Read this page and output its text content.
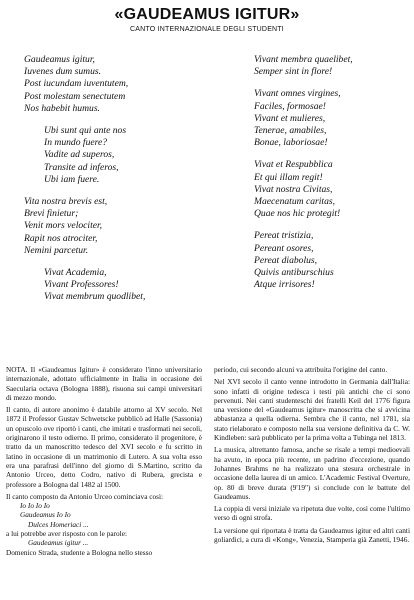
«GAUDEAMUS IGITUR»
CANTO INTERNAZIONALE DEGLI STUDENTI
Gaudeamus igitur,
Iuvenes dum sumus.
Post iucundam iuventutem,
Post molestam senectutem
Nos habebit humus.
Ubi sunt qui ante nos
In mundo fuere?
Vadite ad superos,
Transite ad inferos,
Ubi iam fuere.
Vita nostra brevis est,
Brevi finietur;
Venit mors velociter,
Rapit nos atrociter,
Nemini parcetur.
Vivat Academia,
Vivant Professores!
Vivat membrum quodlibet,
Vivant membra quaelibet,
Semper sint in flore!
Vivant omnes virgines,
Faciles, formosae!
Vivant et mulieres,
Tenerae, amabiles,
Bonae, laboriosae!
Vivat et Respubblica
Et qui illam regit!
Vivat nostra Civitas,
Maecenatum caritas,
Quae nos hic protegit!
Pereat tristizia,
Pereant osores,
Pereat diabolus,
Quivis antiburschius
Atque irrisores!

NOTA. Il «Gaudeamus Igitur» è considerato l'inno universitario internazionale, adottato ufficialmente in Italia in occasione dei Saecularia octava (Bologna 1888), risuona sui campi universitari di mezzo mondo.

Il canto, di autore anonimo è databile attorno al XV secolo. Nel 1872 il Professor Gustav Schwetscke pubblicò ad Halle (Sassonia) un opuscolo ove riportò i canti, che imitati e trasformati nei secoli, originarono il testo odierno. Il primo, considerato il progenitore, è tratto da un manoscritto tedesco del XVI secolo e fu scritto in latino in occasione di un matrimonio di Lutero. A sua volta esso era una parafrasi dell'inno del giorno di S.Martino, scritto da Antonio Urceo, detto Codro, nativo di Rubera, grecista e professore a Bologna dal 1482 al 1500.

Il canto composto da Antonio Urceo cominciava così:

Io Io Io Io
Gaudeamus Io Io
Dulces Homeriaci ...

a lui potrebbe aver risposto con le parole:

Gaudeamus igitur ...

Domenico Strada, studente a Bologna nello stesso

periodo, cui secondo alcuni va attribuita l'origine del canto.

Nel XVI secolo il canto venne introdotto in Germania dall'Italia: sono infatti di origine tedesca i testi più antichi che ci sono pervenuti. Nei canti studenteschi dei fratelli Keil del 1776 figura una versione del «Gaudeamus igitur» manoscritta che si avvicina abbastanza a quella odierna. Sembra che il canto, nel 1781, sia stato rielaborato e composto nella sua versione definitiva da C. W. Kindleben: sarà pubblicato per la prima volta a Tubinga nel 1813.

La musica, altrettanto famosa, anche se risale a tempi medioevali ha avuto, in epoca più recente, un padrino d'eccezione, quando Johannes Brahms ne ha realizzato una stesura orchestrale in occasione della laurea di un amico. L'Academic Festival Overture, op. 80 di breve durata (9'19") si conclude con le battute del Gaudeamus.

La coppia di versi iniziale va ripetuta due volte, così come l'ultimo verso di ogni strofa.

La versione qui riportata è tratta da Gaudeamus igitur ed altri canti goliardici, a cura di «Kong», Venezia, Stamperia già Zanetti, 1946.
